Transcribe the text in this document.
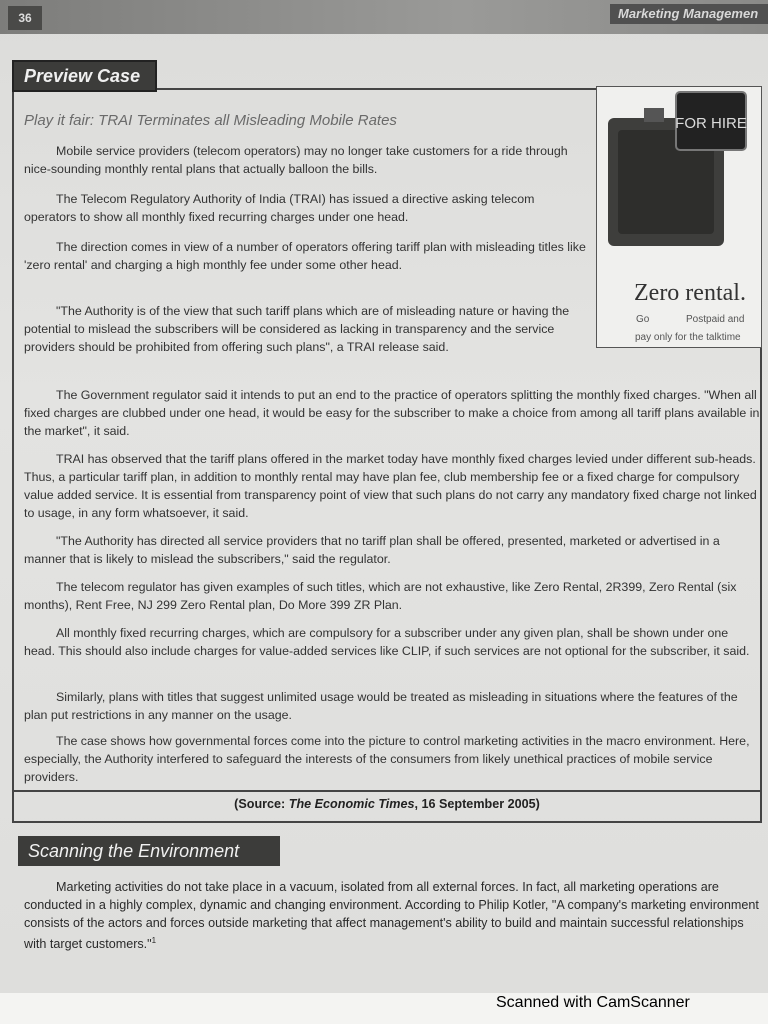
36	Marketing Managemen
Preview Case
Play it fair: TRAI Terminates all Misleading Mobile Rates

Mobile service providers (telecom operators) may no longer take customers for a ride through nice-sounding monthly rental plans that actually balloon the bills.

The Telecom Regulatory Authority of India (TRAI) has issued a directive asking telecom operators to show all monthly fixed recurring charges under one head.

The direction comes in view of a number of operators offering tariff plan with misleading titles like 'zero rental' and charging a high monthly fee under some other head.

"The Authority is of the view that such tariff plans which are of misleading nature or having the potential to mislead the subscribers will be considered as lacking in transparency and the service providers should be prohibited from offering such plans", a TRAI release said.

The Government regulator said it intends to put an end to the practice of operators splitting the monthly fixed charges. "When all fixed charges are clubbed under one head, it would be easy for the subscriber to make a choice from among all tariff plans available in the market", it said.

TRAI has observed that the tariff plans offered in the market today have monthly fixed charges levied under different sub-heads. Thus, a particular tariff plan, in addition to monthly rental may have plan fee, club membership fee or a fixed charge for compulsory value added service. It is essential from transparency point of view that such plans do not carry any mandatory fixed charge not linked to usage, in any form whatsoever, it said.

"The Authority has directed all service providers that no tariff plan shall be offered, presented, marketed or advertised in a manner that is likely to mislead the subscribers," said the regulator.

The telecom regulator has given examples of such titles, which are not exhaustive, like Zero Rental, 2R399, Zero Rental (six months), Rent Free, NJ 299 Zero Rental plan, Do More 399 ZR Plan.

All monthly fixed recurring charges, which are compulsory for a subscriber under any given plan, shall be shown under one head. This should also include charges for value-added services like CLIP, if such services are not optional for the subscriber, it said.

Similarly, plans with titles that suggest unlimited usage would be treated as misleading in situations where the features of the plan put restrictions in any manner on the usage.

The case shows how governmental forces come into the picture to control marketing activities in the macro environment. Here, especially, the Authority interfered to safeguard the interests of the consumers from likely unethical practices of mobile service providers.

FOR HIRE
Zero rental.
Go	Postpaid and
pay only for the talktime
(Source: The Economic Times, 16 September 2005)
Scanning the Environment

Marketing activities do not take place in a vacuum, isolated from all external forces. In fact, all marketing operations are conducted in a highly complex, dynamic and changing environment. According to Philip Kotler, "A company's marketing environment consists of the actors and forces outside marketing that affect management's ability to build and maintain successful relationships with target customers."$^1$

Scanned with CamScanner
